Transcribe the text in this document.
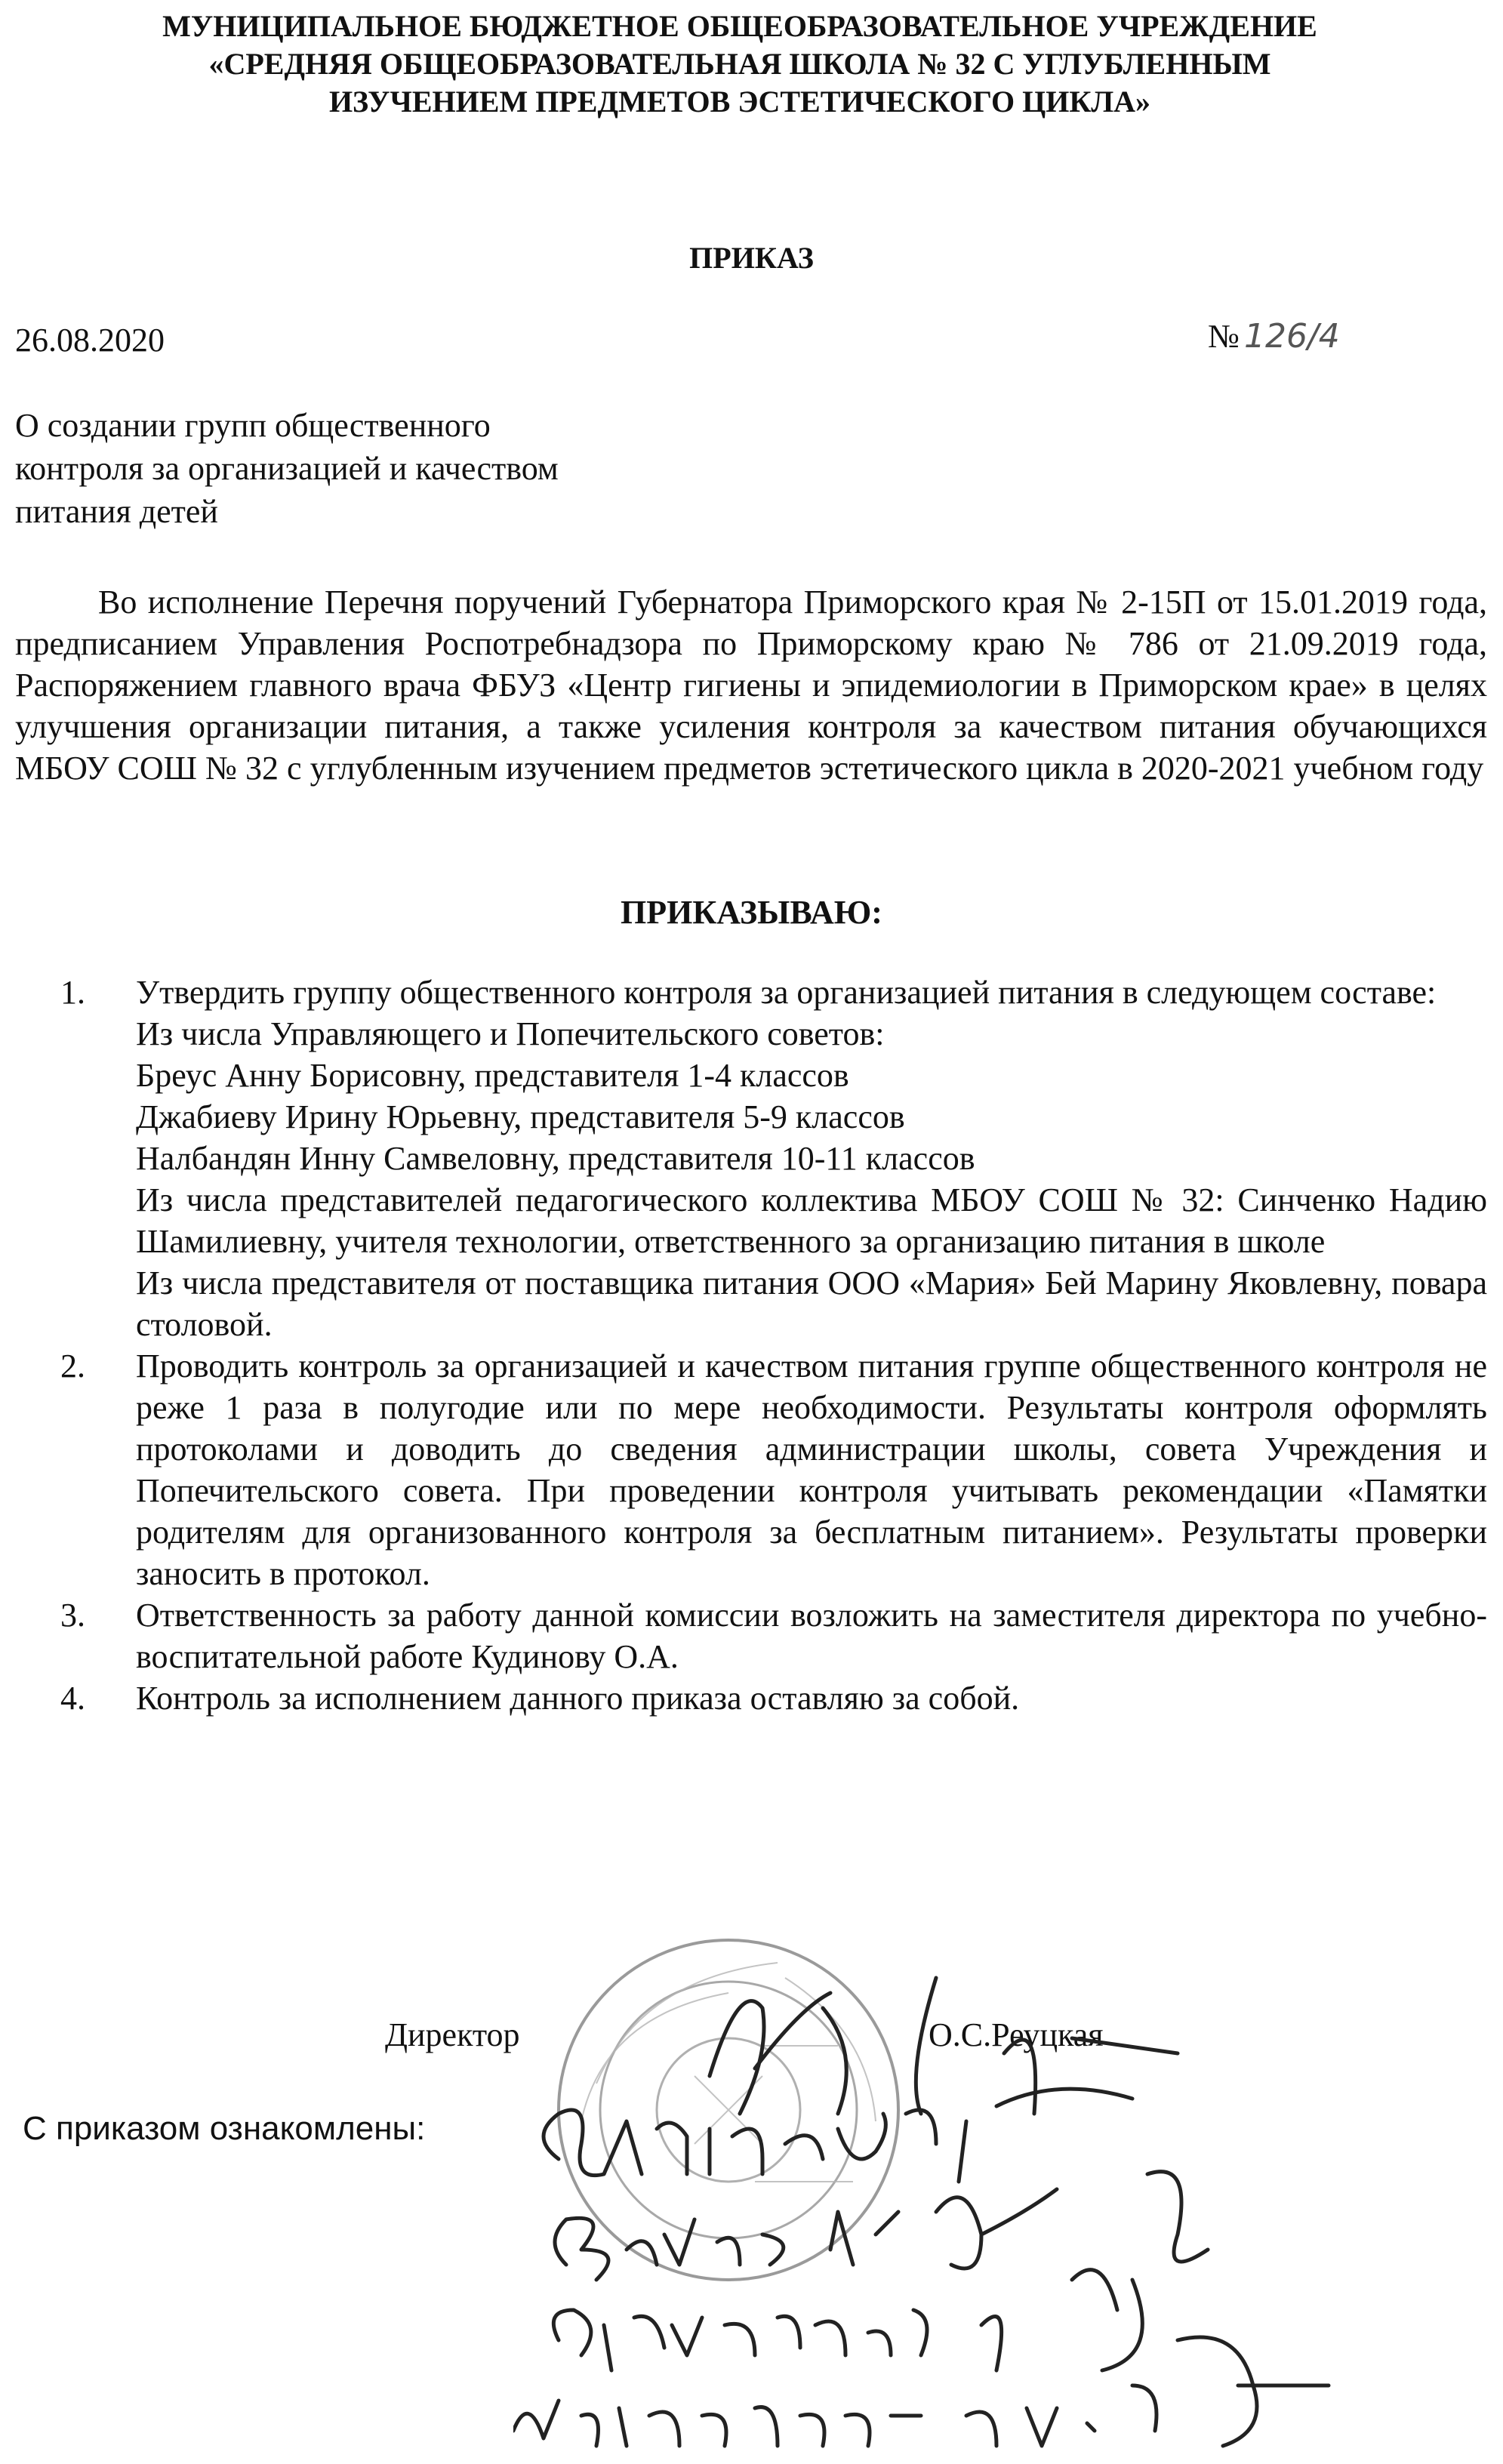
МУНИЦИПАЛЬНОЕ БЮДЖЕТНОЕ ОБЩЕОБРАЗОВАТЕЛЬНОЕ УЧРЕЖДЕНИЕ
«СРЕДНЯЯ ОБЩЕОБРАЗОВАТЕЛЬНАЯ ШКОЛА № 32 С УГЛУБЛЕННЫМ
ИЗУЧЕНИЕМ ПРЕДМЕТОВ ЭСТЕТИЧЕСКОГО ЦИКЛА»
ПРИКАЗ
26.08.2020	№ 126/4
О создании групп общественного
контроля за организацией и качеством
питания детей
Во исполнение Перечня поручений Губернатора Приморского края № 2-15П от 15.01.2019 года, предписанием Управления Роспотребнадзора по Приморскому краю № 786 от 21.09.2019 года, Распоряжением главного врача ФБУЗ «Центр гигиены и эпидемиологии в Приморском крае» в целях улучшения организации питания, а также усиления контроля за качеством питания обучающихся МБОУ СОШ № 32 с углубленным изучением предметов эстетического цикла в 2020-2021 учебном году
ПРИКАЗЫВАЮ:
1. Утвердить группу общественного контроля за организацией питания в следующем составе:
Из числа Управляющего и Попечительского советов:
Бреус Анну Борисовну, представителя 1-4 классов
Джабиеву Ирину Юрьевну, представителя 5-9 классов
Налбандян Инну Самвеловну, представителя 10-11 классов
Из числа представителей педагогического коллектива МБОУ СОШ № 32: Синченко Надию Шамилиевну, учителя технологии, ответственного за организацию питания в школе
Из числа представителя от поставщика питания ООО «Мария» Бей Марину Яковлевну, повара столовой.
2. Проводить контроль за организацией и качеством питания группе общественного контроля не реже 1 раза в полугодие или по мере необходимости. Результаты контроля оформлять протоколами и доводить до сведения администрации школы, совета Учреждения и Попечительского совета. При проведении контроля учитывать рекомендации «Памятки родителям для организованного контроля за бесплатным питанием». Результаты проверки заносить в протокол.
3. Ответственность за работу данной комиссии возложить на заместителя директора по учебно-воспитательной работе Кудинову О.А.
4. Контроль за исполнением данного приказа оставляю за собой.
Директор	О.С.Реуцкая
С приказом ознакомлены:
